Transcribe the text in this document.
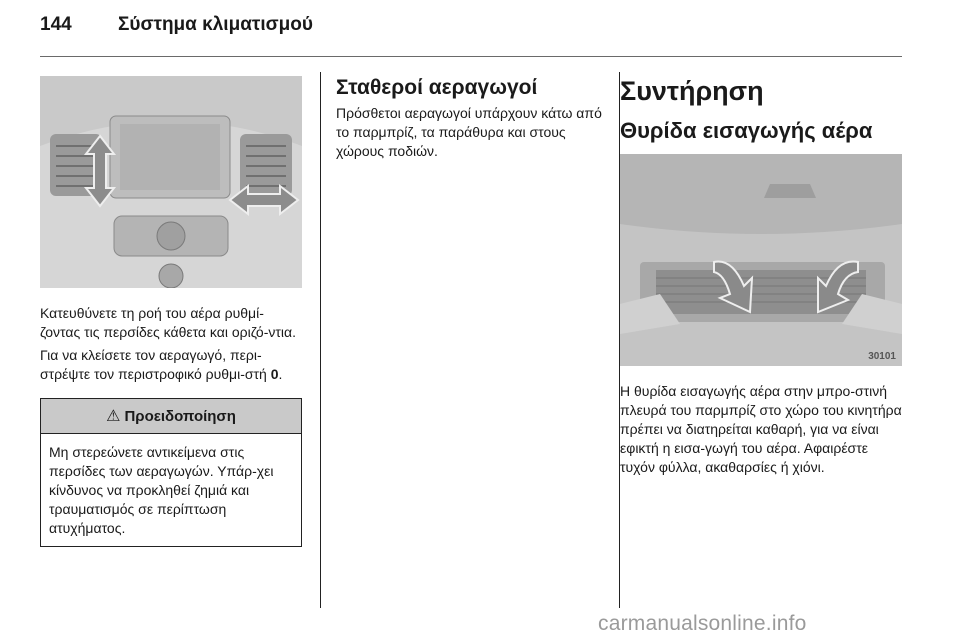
144 Σύστημα κλιματισμού

Κατευθύνετε τη ροή του αέρα ρυθμί-ζοντας τις περσίδες κάθετα και οριζό-ντια.

Για να κλείσετε τον αεραγωγό, περι-στρέψτε τον περιστροφικό ρυθμι-στή 0.

⚠ Προειδοποίηση
Μη στερεώνετε αντικείμενα στις περσίδες των αεραγωγών. Υπάρ-χει κίνδυνος να προκληθεί ζημιά και τραυματισμός σε περίπτωση ατυχήματος.
Σταθεροί αεραγωγοί

Πρόσθετοι αεραγωγοί υπάρχουν κάτω από το παρμπρίζ, τα παράθυρα και στους χώρους ποδιών.

Συντήρηση
Θυρίδα εισαγωγής αέρα
30101

Η θυρίδα εισαγωγής αέρα στην μπρο-στινή πλευρά του παρμπρίζ στο χώρο του κινητήρα πρέπει να διατηρείται καθαρή, για να είναι εφικτή η εισα-γωγή του αέρα. Αφαιρέστε τυχόν φύλλα, ακαθαρσίες ή χιόνι.

carmanualsonline.info
